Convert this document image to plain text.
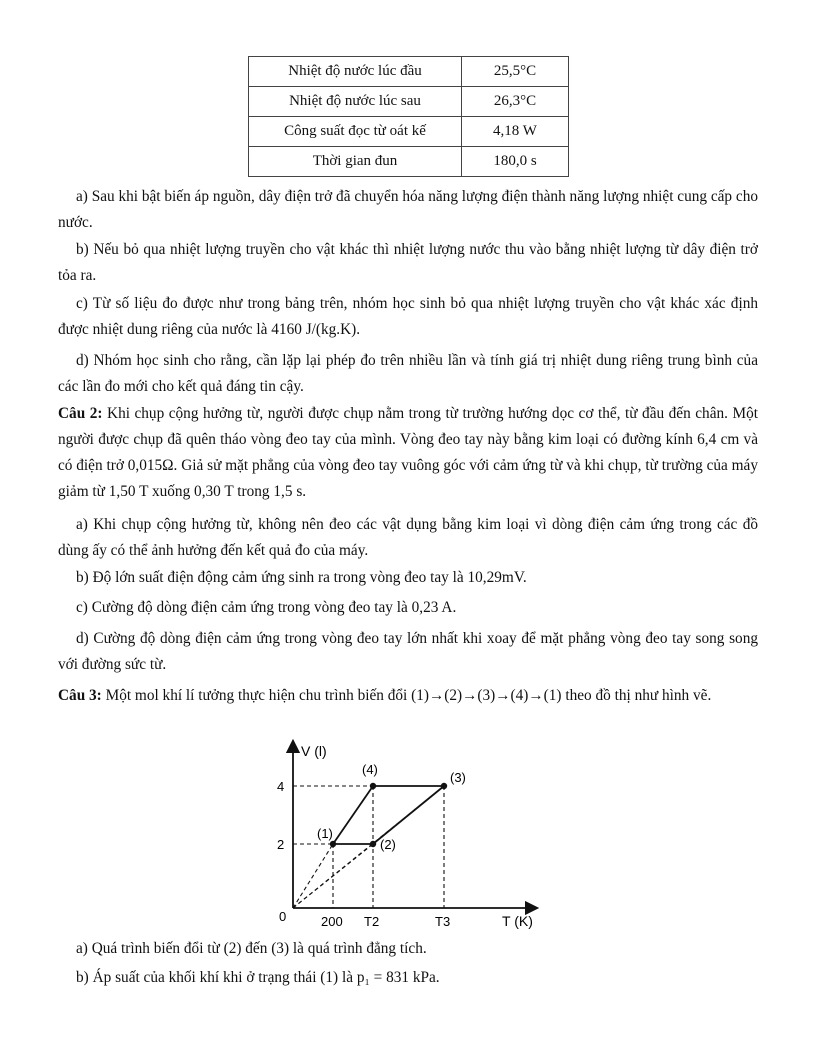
Nhiệt độ nước lúc đầu	25,5°C
Nhiệt độ nước lúc sau	26,3°C
Công suất đọc từ oát kế	4,18 W
Thời gian đun	180,0 s
a) Sau khi bật biến áp nguồn, dây điện trở đã chuyển hóa năng lượng điện thành năng lượng nhiệt cung cấp cho nước.
b) Nếu bỏ qua nhiệt lượng truyền cho vật khác thì nhiệt lượng nước thu vào bằng nhiệt lượng từ dây điện trở tỏa ra.
c) Từ số liệu đo được như trong bảng trên, nhóm học sinh bỏ qua nhiệt lượng truyền cho vật khác xác định được nhiệt dung riêng của nước là 4160 J/(kg.K).
d) Nhóm học sinh cho rằng, cần lặp lại phép đo trên nhiều lần và tính giá trị nhiệt dung riêng trung bình của các lần đo mới cho kết quả đáng tin cậy.
Câu 2: Khi chụp cộng hưởng từ, người được chụp nằm trong từ trường hướng dọc cơ thể, từ đầu đến chân. Một người được chụp đã quên tháo vòng đeo tay của mình. Vòng đeo tay này bằng kim loại có đường kính 6,4 cm và có điện trở 0,015Ω. Giả sử mặt phẳng của vòng đeo tay vuông góc với cảm ứng từ và khi chụp, từ trường của máy giảm từ 1,50 T xuống 0,30 T trong 1,5 s.
a) Khi chụp cộng hưởng từ, không nên đeo các vật dụng bằng kim loại vì dòng điện cảm ứng trong các đồ dùng ấy có thể ảnh hưởng đến kết quả đo của máy.
b) Độ lớn suất điện động cảm ứng sinh ra trong vòng đeo tay là 10,29mV.
c) Cường độ dòng điện cảm ứng trong vòng đeo tay là 0,23 A.
d) Cường độ dòng điện cảm ứng trong vòng đeo tay lớn nhất khi xoay để mặt phẳng vòng đeo tay song song với đường sức từ.
Câu 3: Một mol khí lí tưởng thực hiện chu trình biến đổi (1)→(2)→(3)→(4)→(1) theo đồ thị như hình vẽ.
a) Quá trình biến đổi từ (2) đến (3) là quá trình đẳng tích.
b) Áp suất của khối khí khi ở trạng thái (1) là p₁ = 831 kPa.
V (l)
T (K)
0
4
2
200 T2	T3
(1)
(2)
(3)
(4)
